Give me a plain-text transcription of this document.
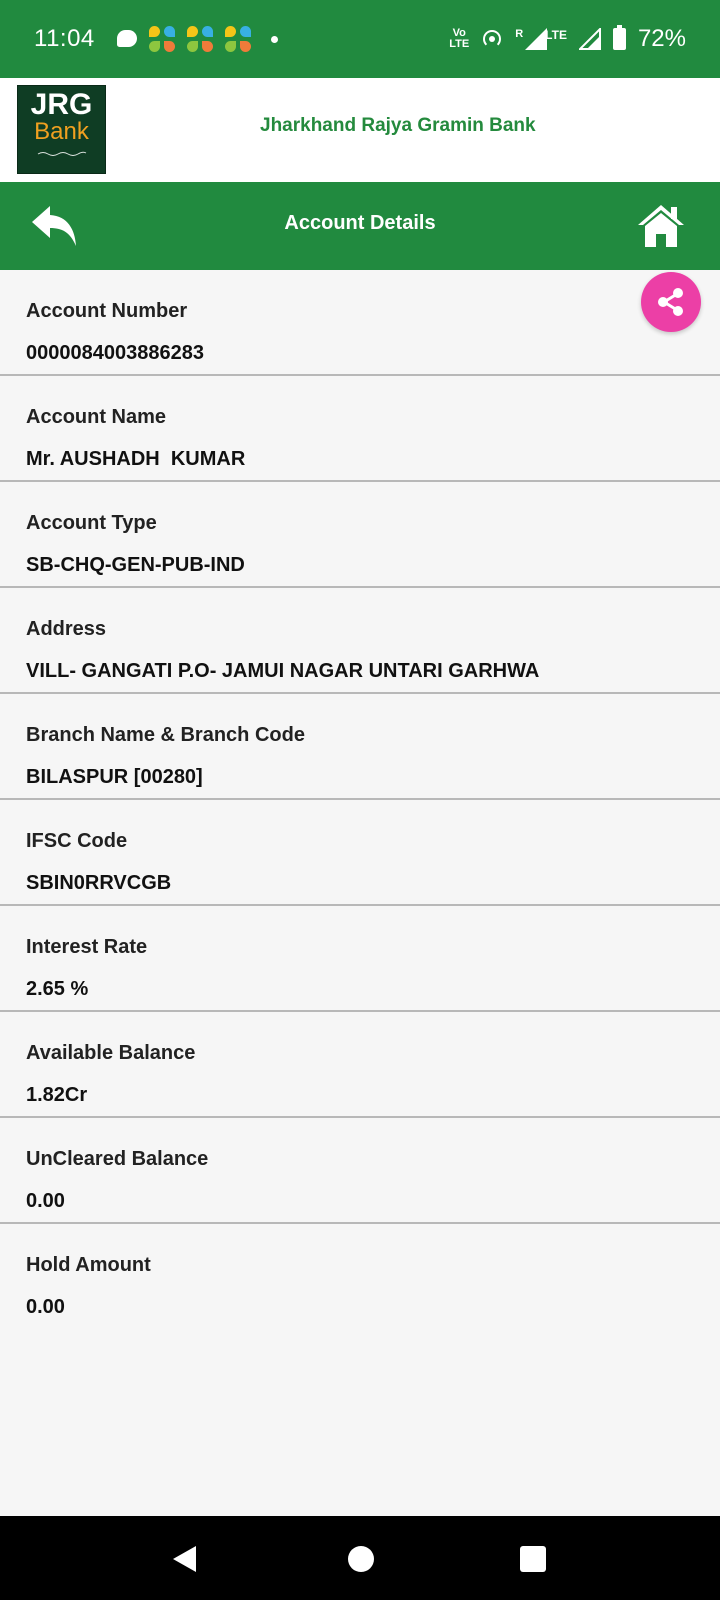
11:04	Vo
LTE
R LTE	72%
JRG
Bank	Jharkhand Rajya Gramin Bank
Account Details
Account Number
0000084003886283
Account Name
Mr. AUSHADH  KUMAR
Account Type
SB-CHQ-GEN-PUB-IND
Address
VILL- GANGATI P.O- JAMUI NAGAR UNTARI GARHWA
Branch Name & Branch Code
BILASPUR [00280]
IFSC Code
SBIN0RRVCGB
Interest Rate
2.65 %
Available Balance
1.82Cr
UnCleared Balance
0.00
Hold Amount
0.00
